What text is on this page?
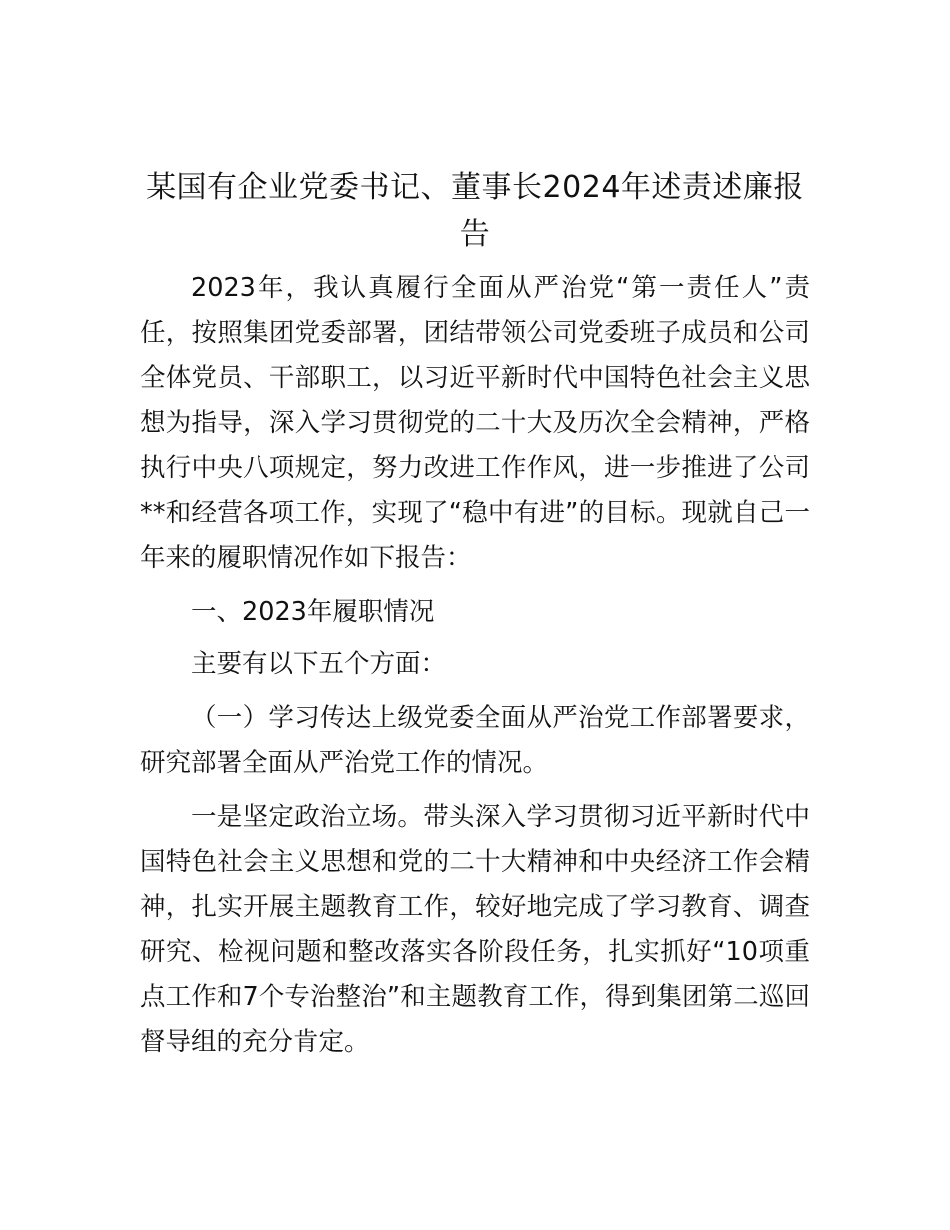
某国有企业党委书记、董事长2024年述责述廉报告

2023年，我认真履行全面从严治党“第一责任人”责任，按照集团党委部署，团结带领公司党委班子成员和公司全体党员、干部职工，以习近平新时代中国特色社会主义思想为指导，深入学习贯彻党的二十大及历次全会精神，严格执行中央八项规定，努力改进工作作风，进一步推进了公司**和经营各项工作，实现了“稳中有进”的目标。现就自己一年来的履职情况作如下报告：

一、2023年履职情况

主要有以下五个方面：

（一）学习传达上级党委全面从严治党工作部署要求，研究部署全面从严治党工作的情况。

一是坚定政治立场。带头深入学习贯彻习近平新时代中国特色社会主义思想和党的二十大精神和中央经济工作会精神，扎实开展主题教育工作，较好地完成了学习教育、调查研究、检视问题和整改落实各阶段任务，扎实抓好“10项重点工作和7个专治整治”和主题教育工作，得到集团第二巡回督导组的充分肯定。
